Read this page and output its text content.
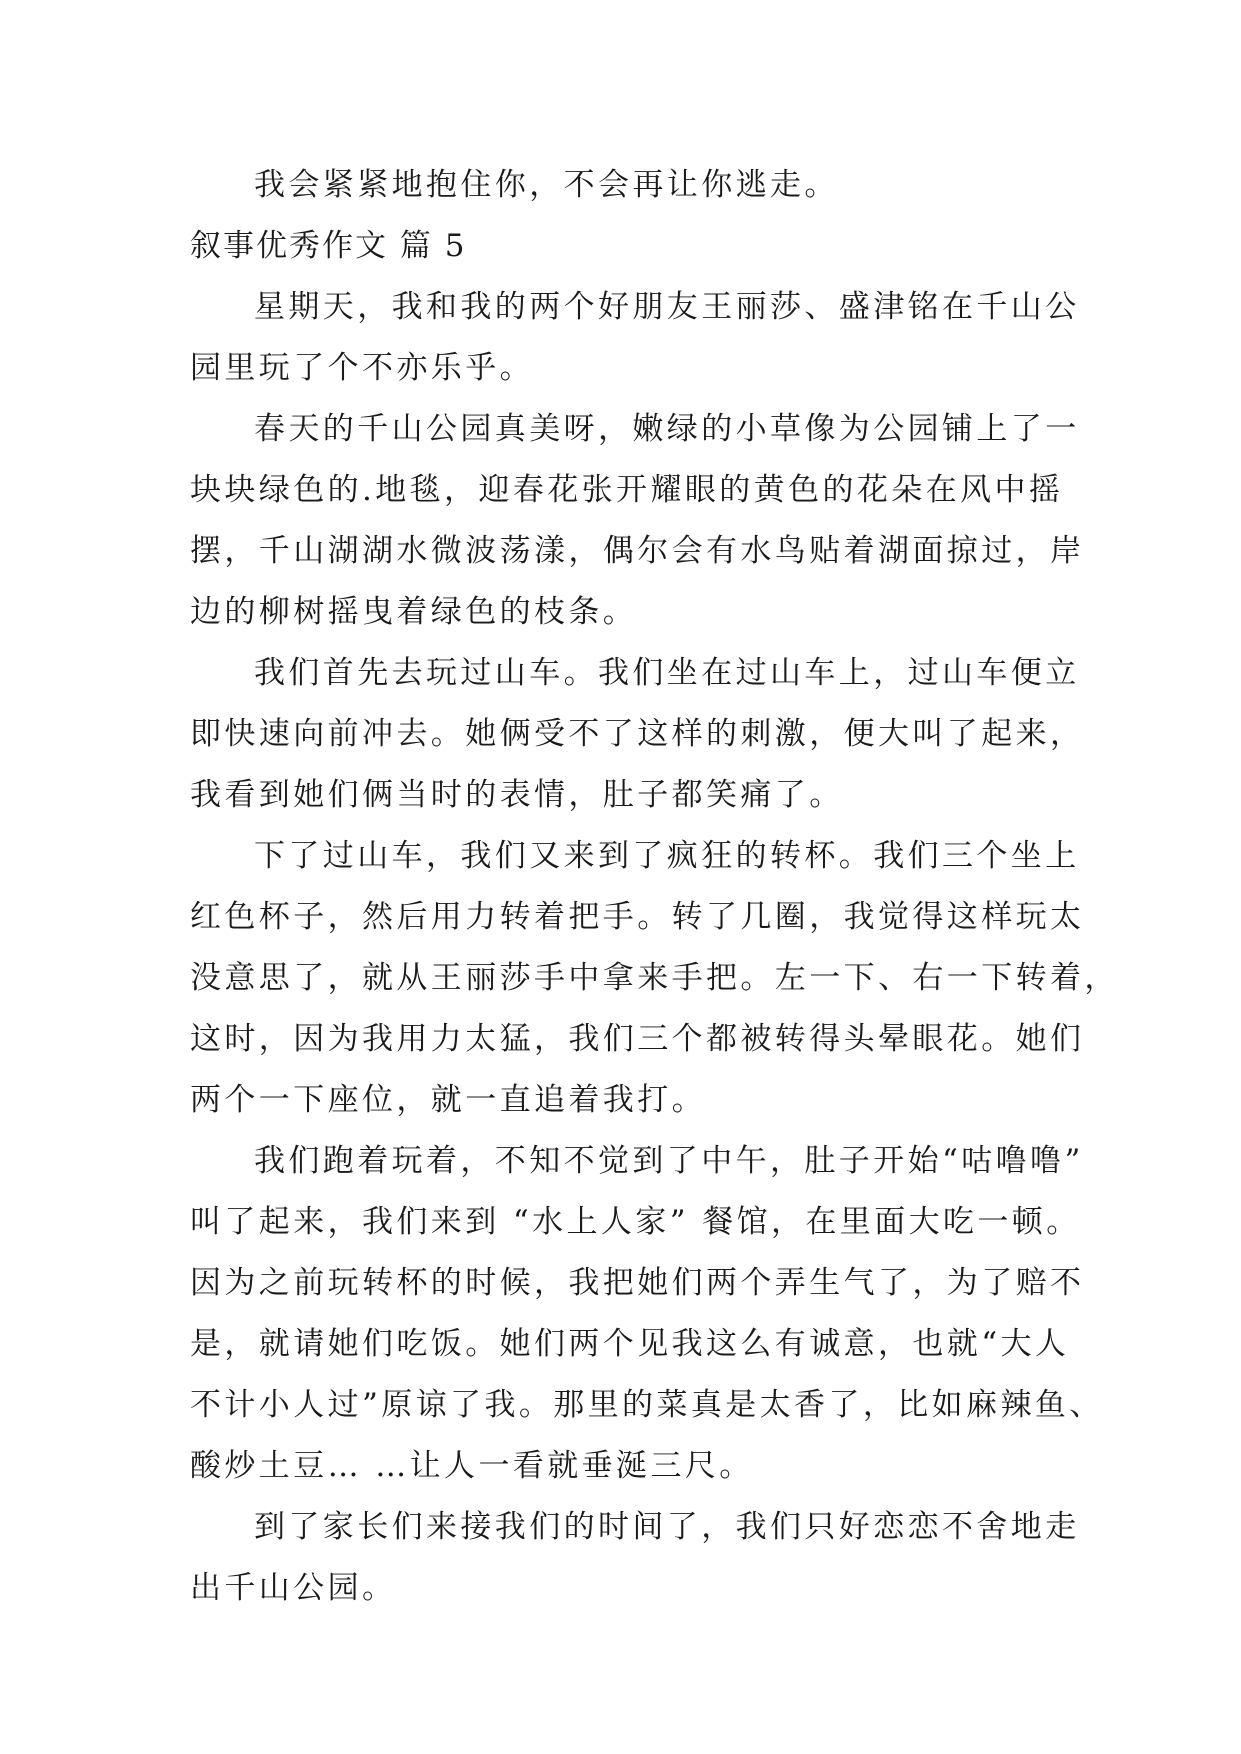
我会紧紧地抱住你，不会再让你逃走。
叙事优秀作文 篇 5
星期天，我和我的两个好朋友王丽莎、盛津铭在千山公
园里玩了个不亦乐乎。
春天的千山公园真美呀，嫩绿的小草像为公园铺上了一
块块绿色的.地毯，迎春花张开耀眼的黄色的花朵在风中摇
摆，千山湖湖水微波荡漾，偶尔会有水鸟贴着湖面掠过，岸
边的柳树摇曳着绿色的枝条。
我们首先去玩过山车。我们坐在过山车上，过山车便立
即快速向前冲去。她俩受不了这样的刺激，便大叫了起来，
我看到她们俩当时的表情，肚子都笑痛了。
下了过山车，我们又来到了疯狂的转杯。我们三个坐上
红色杯子，然后用力转着把手。转了几圈，我觉得这样玩太
没意思了，就从王丽莎手中拿来手把。左一下、右一下转着，
这时，因为我用力太猛，我们三个都被转得头晕眼花。她们
两个一下座位，就一直追着我打。
我们跑着玩着，不知不觉到了中午，肚子开始“咕噜噜”
叫了起来，我们来到 “水上人家” 餐馆，在里面大吃一顿。
因为之前玩转杯的时候，我把她们两个弄生气了，为了赔不
是，就请她们吃饭。她们两个见我这么有诚意，也就“大人
不计小人过”原谅了我。那里的菜真是太香了，比如麻辣鱼、
酸炒土豆… …让人一看就垂涎三尺。
到了家长们来接我们的时间了，我们只好恋恋不舍地走
出千山公园。
